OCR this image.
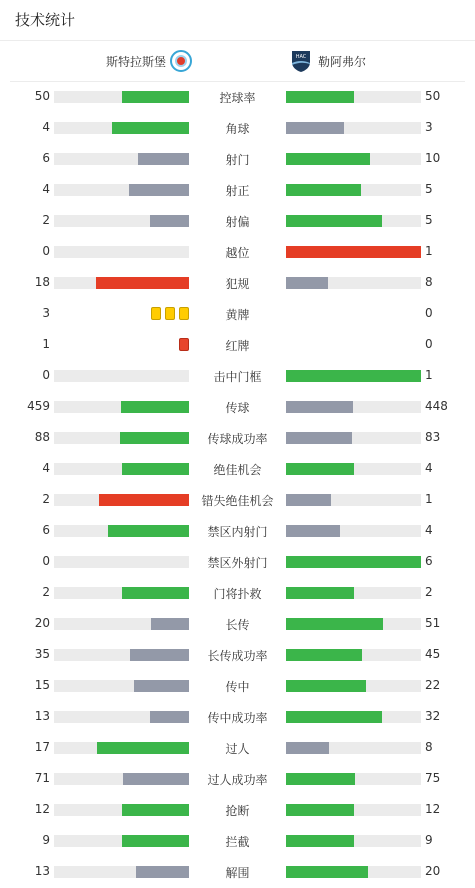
技术统计
斯特拉斯堡	HAC 勒阿弗尔
50	控球率	50
4	角球	3
6	射门	10
4	射正	5
2	射偏	5
0	越位	1
18	犯规	8
3	黄牌	0
1	红牌	0
0	击中门框	1
459	传球	448
88	传球成功率	83
4	绝佳机会	4
2	错失绝佳机会	1
6	禁区内射门	4
0	禁区外射门	6
2	门将扑救	2
20	长传	51
35	长传成功率	45
15	传中	22
13	传中成功率	32
17	过人	8
71	过人成功率	75
12	抢断	12
9	拦截	9
13	解围	20
